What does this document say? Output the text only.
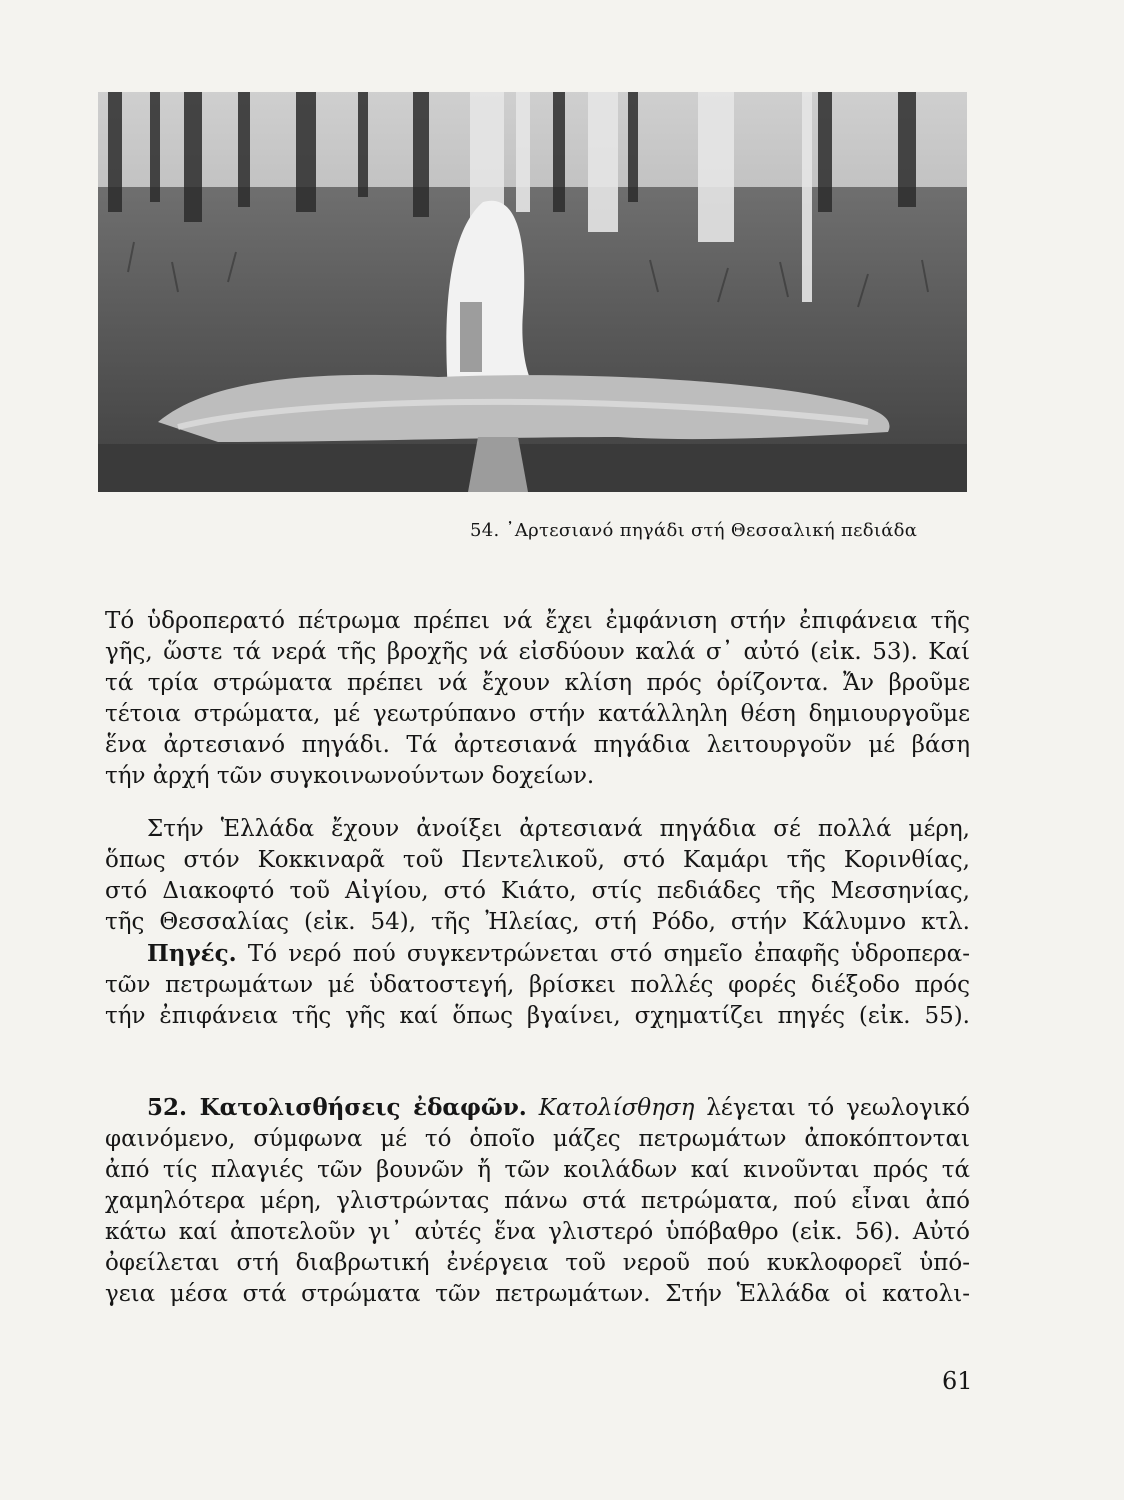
54. ᾽Αρτεσιανό πηγάδι στή Θεσσαλική πεδιάδα
Τό ὑδροπερατό πέτρωμα πρέπει νά ἔχει ἐμφάνιση στήν ἐπιφάνεια τῆς
γῆς, ὥστε τά νερά τῆς βροχῆς νά εἰσδύουν καλά σ᾽ αὐτό (εἰκ. 53). Καί
τά τρία στρώματα πρέπει νά ἔχουν κλίση πρός ὁρίζοντα. Ἄν βροῦμε
τέτοια στρώματα, μέ γεωτρύπανο στήν κατάλληλη θέση δημιουργοῦμε
ἕνα ἀρτεσιανό πηγάδι. Τά ἀρτεσιανά πηγάδια λειτουργοῦν μέ βάση
τήν ἀρχή τῶν συγκοινωνούντων δοχείων.
Στήν Ἑλλάδα ἔχουν ἀνοίξει ἀρτεσιανά πηγάδια σέ πολλά μέρη,
ὅπως στόν Κοκκιναρᾶ τοῦ Πεντελικοῦ, στό Καμάρι τῆς Κορινθίας,
στό Διακοφτό τοῦ Αἰγίου, στό Κιάτο, στίς πεδιάδες τῆς Μεσσηνίας,
τῆς Θεσσαλίας (εἰκ. 54), τῆς Ἠλείας, στή Ρόδο, στήν Κάλυμνο κτλ.
Πηγές. Τό νερό πού συγκεντρώνεται στό σημεῖο ἐπαφῆς ὑδροπερα-
τῶν πετρωμάτων μέ ὑδατοστεγή, βρίσκει πολλές φορές διέξοδο πρός
τήν ἐπιφάνεια τῆς γῆς καί ὅπως βγαίνει, σχηματίζει πηγές (εἰκ. 55).
52. Κατολισθήσεις ἐδαφῶν. Κατολίσθηση λέγεται τό γεωλογικό
φαινόμενο, σύμφωνα μέ τό ὁποῖο μάζες πετρωμάτων ἀποκόπτονται
ἀπό τίς πλαγιές τῶν βουνῶν ἤ τῶν κοιλάδων καί κινοῦνται πρός τά
χαμηλότερα μέρη, γλιστρώντας πάνω στά πετρώματα, πού εἶναι ἀπό
κάτω καί ἀποτελοῦν γι᾽ αὐτές ἕνα γλιστερό ὑπόβαθρο (εἰκ. 56). Αὐτό
ὀφείλεται στή διαβρωτική ἐνέργεια τοῦ νεροῦ πού κυκλοφορεῖ ὑπό-
γεια μέσα στά στρώματα τῶν πετρωμάτων. Στήν Ἑλλάδα οἱ κατολι-
61
